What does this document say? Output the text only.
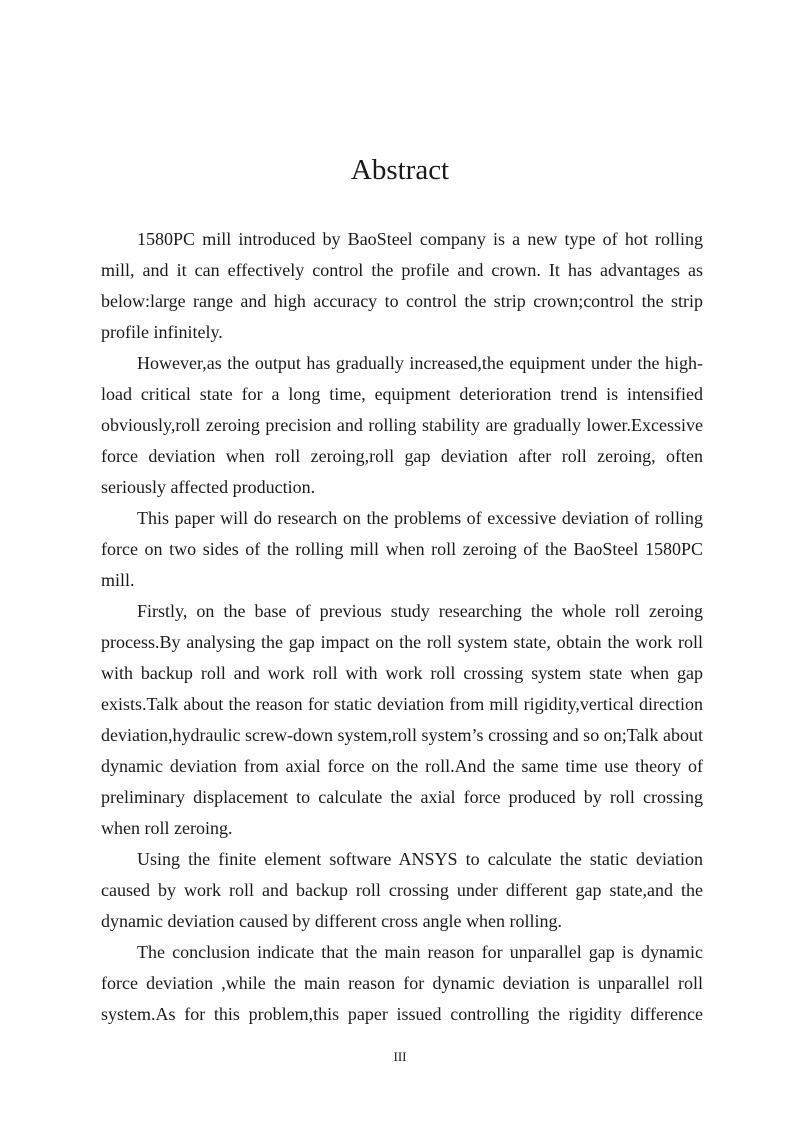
Abstract

1580PC mill introduced by BaoSteel company is a new type of hot rolling mill, and it can effectively control the profile and crown. It has advantages as below:large range and high accuracy to control the strip crown;control the strip profile infinitely.

However,as the output has gradually increased,the equipment under the high-load critical state for a long time, equipment deterioration trend is intensified obviously,roll zeroing precision and rolling stability are gradually lower.Excessive force deviation when roll zeroing,roll gap deviation after roll zeroing, often seriously affected production.

This paper will do research on the problems of excessive deviation of rolling force on two sides of the rolling mill when roll zeroing of the BaoSteel 1580PC mill.

Firstly, on the base of previous study researching the whole roll zeroing process.By analysing the gap impact on the roll system state, obtain the work roll with backup roll and work roll with work roll crossing system state when gap exists.Talk about the reason for static deviation from mill rigidity,vertical direction deviation,hydraulic screw-down system,roll system’s crossing and so on;Talk about dynamic deviation from axial force on the roll.And the same time use theory of preliminary displacement to calculate the axial force produced by roll crossing when roll zeroing.

Using the finite element software ANSYS to calculate the static deviation caused by work roll and backup roll crossing under different gap state,and the dynamic deviation caused by different cross angle when rolling.

The conclusion indicate that the main reason for unparallel gap is dynamic force deviation ,while the main reason for dynamic deviation is unparallel roll system.As for this problem,this paper issued controlling the rigidity difference

III
